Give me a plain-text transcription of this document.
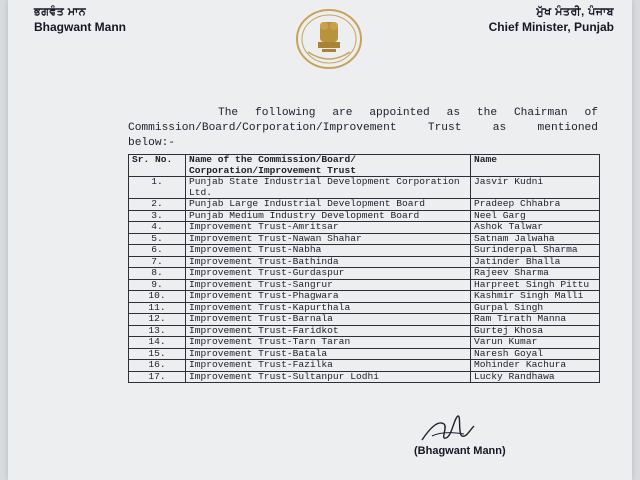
ਭਗਵੰਤ ਮਾਨ
Bhagwant Mann
ਮੁੱਖ ਮੰਤਰੀ, ਪੰਜਾਬ
Chief Minister, Punjab
The following are appointed as the Chairman of
Commission/Board/Corporation/Improvement	Trust	as	mentioned
below:-
Sr. No.	Name of the Commission/Board/ Corporation/Improvement Trust	Name
1.	Punjab State Industrial Development Corporation Ltd.	Jasvir Kudni
2.	Punjab Large Industrial Development Board	Pradeep Chhabra
3.	Punjab Medium Industry Development Board	Neel Garg
4.	Improvement Trust-Amritsar	Ashok Talwar
5.	Improvement Trust-Nawan Shahar	Satnam Jalwaha
6.	Improvement Trust-Nabha	Surinderpal Sharma
7.	Improvement Trust-Bathinda	Jatinder Bhalla
8.	Improvement Trust-Gurdaspur	Rajeev Sharma
9.	Improvement Trust-Sangrur	Harpreet Singh Pittu
10.	Improvement Trust-Phagwara	Kashmir Singh Malli
11.	Improvement Trust-Kapurthala	Gurpal Singh
12.	Improvement Trust-Barnala	Ram Tirath Manna
13.	Improvement Trust-Faridkot	Gurtej Khosa
14.	Improvement Trust-Tarn Taran	Varun Kumar
15.	Improvement Trust-Batala	Naresh Goyal
16.	Improvement Trust-Fazilka	Mohinder Kachura
17.	Improvement Trust-Sultanpur Lodhi	Lucky Randhawa
(Bhagwant Mann)
